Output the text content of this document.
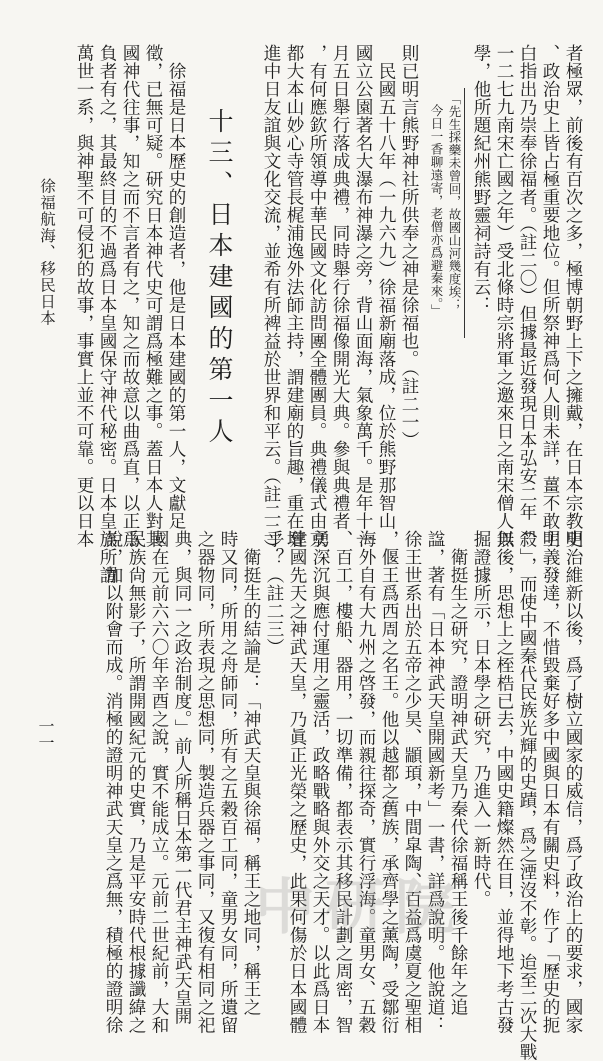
徐福航海、移民日本	者極眾，前後有百次之多，極博朝野上下之擁戴，在日本宗教史
、政治史上皆占極重要地位。但所祭神爲何人則未詳，薑不敢明
白指出乃崇奉徐福者。（註二〇）但據最近發現日本弘安二年（
一二七九南宋亡國之年）受北條時宗將軍之邀來日之南宋僧人無
學，他所題紀州熊野靈祠詩有云：
「先生採藥未曾回，故國山河幾度埃；
今日一香聊遠寄，老僧亦爲避秦來。」
則已明言熊野神社所供奉之神是徐福也。（註二一）
民國五十八年（一九六九）徐福新廟落成，位於熊野那智山
國立公園著名大瀑布神瀑之旁，背山面海，氣象萬千。是年十一
月五日舉行落成典禮，同時舉行徐福像開光大典。參與典禮者
，有何應欽所領導中華民國文化訪問團全體團員。典禮儀式由京
都大本山妙心寺管長梶浦逸外法師主持，謂建廟的旨趣，重在增
進中日友誼與文化交流，並希有所裨益於世界和平云。（註二二）
十三、日本建國的第一人
徐福是日本歷史的創造者，他是日本建國的第一人，文獻足
徵，已無可疑。研究日本神代史可謂爲極難之事。蓋日本人對其
國神代往事，知之而不言者有之，知之而故意以曲爲直，以正爲
負者有之，其最終目的不過爲日本皇國保守神代秘密。日本皇族所謂
萬世一系，與神聖不可侵犯的故事，事實上並不可靠。更以日本
明治維新以後，爲了樹立國家的威信，爲了政治上的要求，國家
主義發達，不惜毀棄好多中國與日本有關史料，作了「歷史的扼
殺」，而使中國秦代民族光輝的史蹟，爲之湮沒不彰。迨至二次大戰
以後，思想上之桎梏已去，中國史籍燦然在目，並得地下考古發
掘證據所示，日本學之研究，乃進入一新時代。
衛挺生之研究，證明神武天皇乃秦代徐福稱王後千餘年之追
諡，著有「日本神武天皇開國新考」一書，詳爲說明。他說道：
徐王世系出於五帝之少昊、顓頊，中間皐陶、百益爲虞夏之聖相
，偃王爲西周之名王。他以越都之舊族，承齊學之薰陶，受鄒衍
海外自有大九州之啓發，而親往探奇，實行浮海。童男女、五穀
、百工，樓船、器用，一切準備，都表示其移民計劃之周密，智
勇深沉與應付運用之靈活，政略戰略與外交之天才。以此爲日本
建國先天之神武天皇，乃眞正光榮之歷史，此果何傷於日本國體
乎？（註二三）
衛挺生的結論是：「神武天皇與徐福，稱王之地同，稱王之
時又同，所用之舟師同，所有之五穀百工同，童男女同，所遺留
之器物同，所表現之思想同，製造兵器之事同，又復有相同之祀
典，與同一之政治制度。」前人所稱日本第一代君主神武天皇開
國在元前六六〇年辛酉之說，實不能成立。元前二世紀前，大和
民族尙無影子，所謂開國紀元的史實，乃是平安時代根據讖緯之
說，加以附會而成。消極的證明神武天皇之爲無，積極的證明徐
一一
中研院
